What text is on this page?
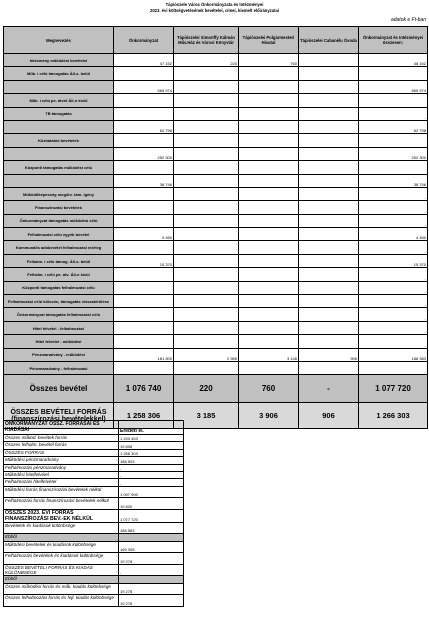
Tápiószele Város Önkormányzata és Intézményei
2023. évi költségvetésének bevételei, címei, kiemelt előirányzatai
adatok e Ft-ban
Megnevezés	Önkormányzat	Tápiószelei Simonffy Kálmán Műv.Ház és Városi Könyvtár	Tápiószelei Polgármesteri Hivatal	Tápiószelei Cabanélu Óvoda	Önkormányzat és Intézményei összesen:
Intézmény működési bevételei	47 152	220	760		48 152
Műk. i célú támogatás Áll-s. belül					
	665 974				665 974
Műk. i célú pe. átvét Áll-n kívül					
TB támogatás					-
	62 798				62 798
Közhatalmi bevételek					
	252 300				252 300
Központi támogatás működési célú					
	38 746				38 746
Működőképesség megőrz. tám. Igény					-
Finanszírozási bevételek					-
Önkormányzat támogatás működési célú					-
Felhalmozási célú egyéb bevétel	4 450				4 450
Kommunális adóbevétel felhalmozási mérleg					-
Felhalm. i célú támog. Áll-s. belül	15 370				15 370
Felhalm. i célú pe. átv. Áll-n kívül					-
Központi támogatás felhalmozási célú					-
Felhalmozási célú kölcsön, támogatás visszatérülése					-
Önkormányzat támogatás felhalmozási célú					-
Hitel felvétel - felhalmozási					-
Hitel felvétel - működési					-
Pénzmaradvány - működési	181 500	2 965	3 146	906	188 383
Pénzmaradvány - felhalmozási					-
Összes bevétel	1 076 740	220	760	-	1 077 720
ÖSSZES BEVÉTELI FORRÁS (finanszírozási bevételekkel)	1 258 306	3 185	3 906	906	1 266 303
ÖNKORMÁNYZAT ÖSSZ. FORRÁSAI ÉS KIADÁSAI	Eredeti ei.
Összes működ. bevétek forrás	1 243 453
Összes felhalm. bevétel forrás	19 836
ÖSSZES FORRÁS	1 266 303
Működési pénzmaradvány	188 503
Felhalmozási pénzmaradvány	-
Működési hitelfelvétel	-
Felhalmozási hitelfelvétel	-
Működési forrás finanszírozási bevételek nélkül	1 057 900
Felhalmozási forrás finanszírozási bevételek nélkül	19 820
ÖSSZES 2023. ÉVI FORRÁS FINANSZÍROZÁSI BEV.-EK NÉLKÜL	1 077 720
Bevételek és kiadások különbsége	188 583
Ebből	
Működési bevételek és kiadások különbsége	169 305
Felhalmozási bevételek és kiadások különbsége	19 278
ÖSSZES BEVÉTELI FORRÁS ÉS KIADÁS KÜLÖNBSÉGE	-
Ebből	
Összes működési forrás és műk. kiadás különbsége	19 278
Összes felhalmozási forrás és fejl. kiadás különbsége	19 278
